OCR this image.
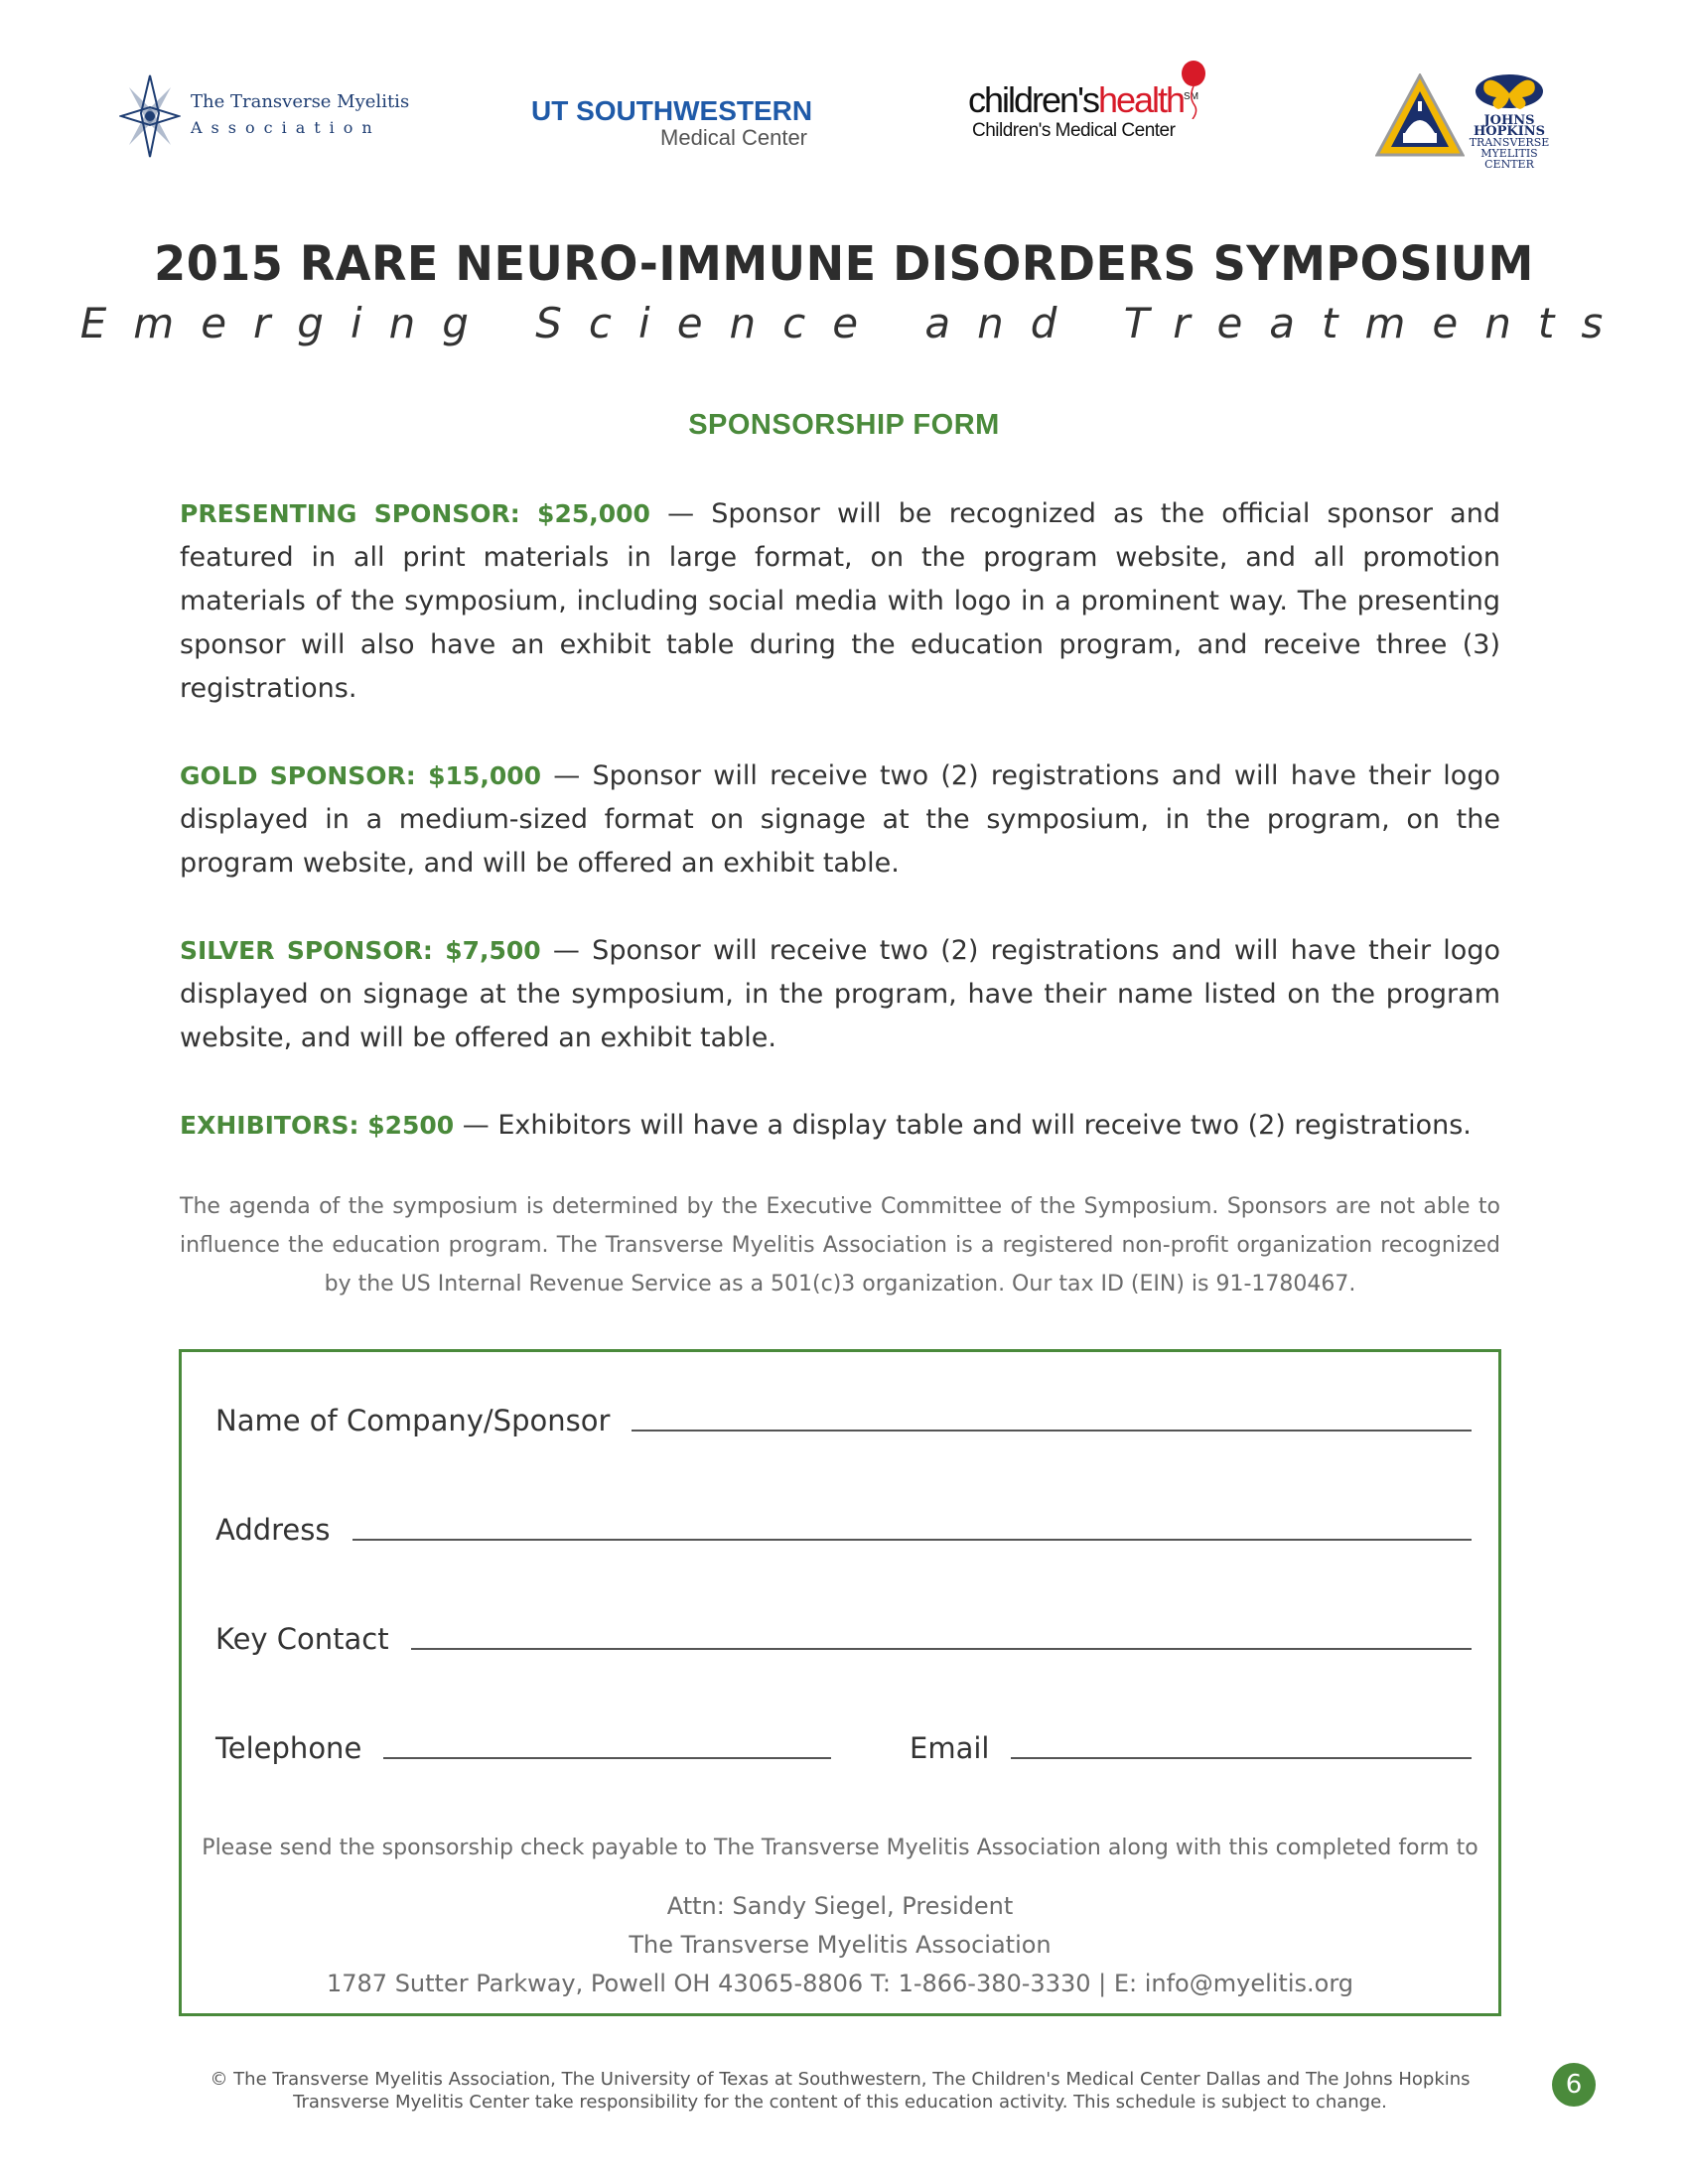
The Transverse Myelitis
Association
UT SOUTHWESTERN
Medical Center
children'shealth℠
Children's Medical Center	JOHNS HOPKINS
TRANSVERSE MYELITIS
CENTER
2015 RARE NEURO-IMMUNE DISORDERS SYMPOSIUM
Emerging Science and Treatments
SPONSORSHIP FORM

PRESENTING SPONSOR: $25,000 — Sponsor will be recognized as the official sponsor and featured in all print materials in large format, on the program website, and all promotion materials of the symposium, including social media with logo in a prominent way. The presenting sponsor will also have an exhibit table during the education program, and receive three (3) registrations.

GOLD SPONSOR: $15,000 — Sponsor will receive two (2) registrations and will have their logo displayed in a medium-sized format on signage at the symposium, in the program, on the program website, and will be offered an exhibit table.

SILVER SPONSOR: $7,500 — Sponsor will receive two (2) registrations and will have their logo displayed on signage at the symposium, in the program, have their name listed on the program website, and will be offered an exhibit table.

EXHIBITORS: $2500 — Exhibitors will have a display table and will receive two (2) registrations.

The agenda of the symposium is determined by the Executive Committee of the Symposium. Sponsors are not able to influence the education program. The Transverse Myelitis Association is a registered non-profit organization recognized by the US Internal Revenue Service as a 501(c)3 organization. Our tax ID (EIN) is 91-1780467.
Name of Company/Sponsor
Address
Key Contact
Telephone	Email
Please send the sponsorship check payable to The Transverse Myelitis Association along with this completed form to
Attn: Sandy Siegel, President
The Transverse Myelitis Association
1787 Sutter Parkway, Powell OH 43065-8806 T: 1-866-380-3330 | E: info@myelitis.org
© The Transverse Myelitis Association, The University of Texas at Southwestern, The Children's Medical Center Dallas and The Johns Hopkins
Transverse Myelitis Center take responsibility for the content of this education activity. This schedule is subject to change.
6
